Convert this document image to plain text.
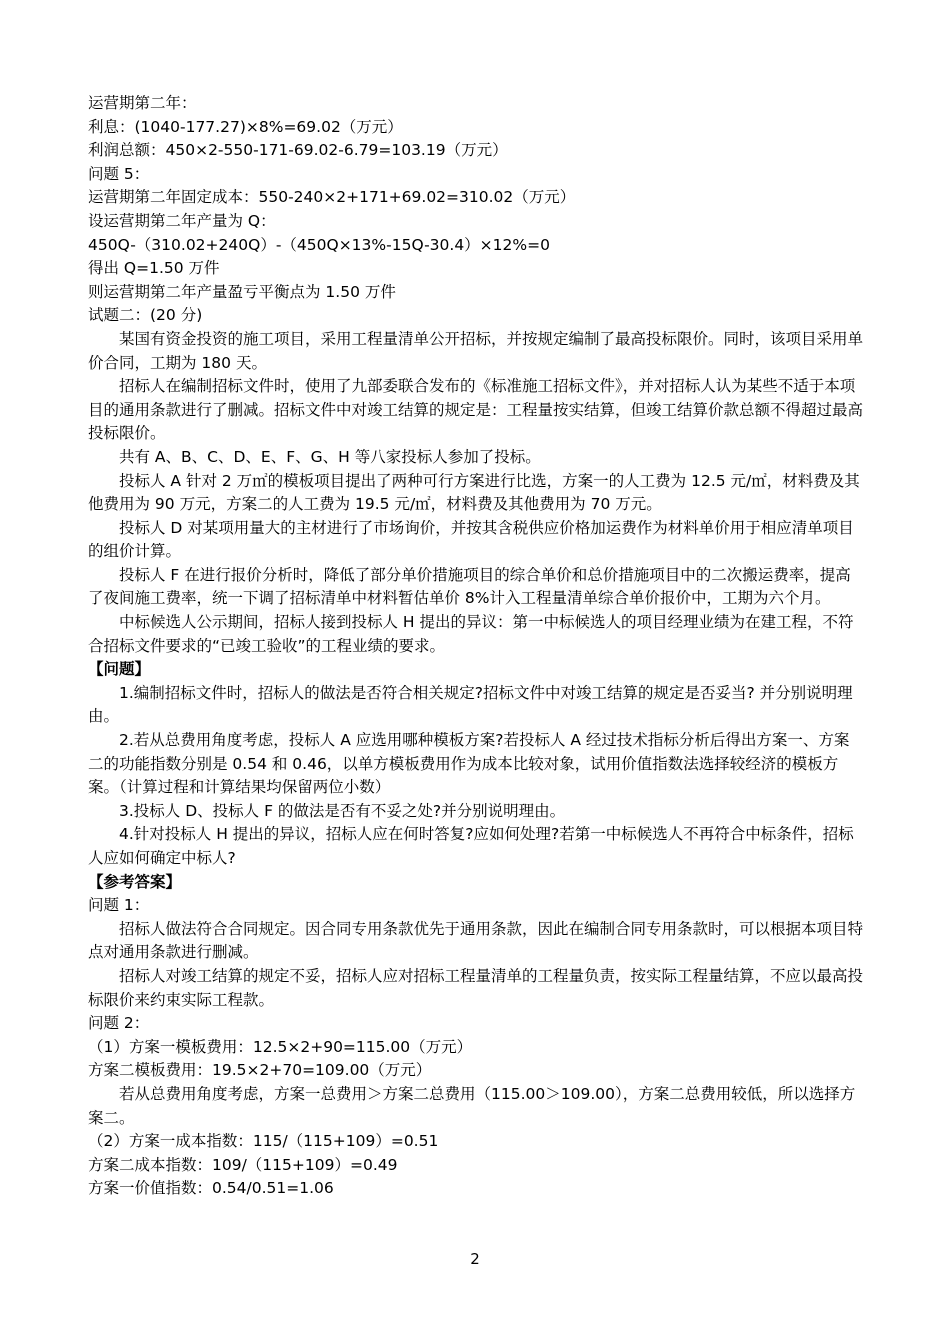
运营期第二年：

利息：(1040-177.27)×8%=69.02（万元）

利润总额：450×2-550-171-69.02-6.79=103.19（万元）

问题 5：

运营期第二年固定成本：550-240×2+171+69.02=310.02（万元）

设运营期第二年产量为 Q：

450Q-（310.02+240Q）-（450Q×13%-15Q-30.4）×12%=0

得出 Q=1.50 万件

则运营期第二年产量盈亏平衡点为 1.50 万件

试题二：(20 分)

某国有资金投资的施工项目，采用工程量清单公开招标，并按规定编制了最高投标限价。同时，该项目采用单价合同，工期为 180 天。

招标人在编制招标文件时，使用了九部委联合发布的《标准施工招标文件》，并对招标人认为某些不适于本项目的通用条款进行了删减。招标文件中对竣工结算的规定是：工程量按实结算，但竣工结算价款总额不得超过最高投标限价。

共有 A、B、C、D、E、F、G、H 等八家投标人参加了投标。

投标人 A 针对 2 万㎡的模板项目提出了两种可行方案进行比选，方案一的人工费为 12.5 元/㎡，材料费及其他费用为 90 万元，方案二的人工费为 19.5 元/㎡，材料费及其他费用为 70 万元。

投标人 D 对某项用量大的主材进行了市场询价，并按其含税供应价格加运费作为材料单价用于相应清单项目的组价计算。

投标人 F 在进行报价分析时，降低了部分单价措施项目的综合单价和总价措施项目中的二次搬运费率，提高了夜间施工费率，统一下调了招标清单中材料暂估单价 8%计入工程量清单综合单价报价中，工期为六个月。

中标候选人公示期间，招标人接到投标人 H 提出的异议：第一中标候选人的项目经理业绩为在建工程，不符合招标文件要求的“已竣工验收”的工程业绩的要求。

【问题】

1.编制招标文件时，招标人的做法是否符合相关规定?招标文件中对竣工结算的规定是否妥当? 并分别说明理由。

2.若从总费用角度考虑，投标人 A 应选用哪种模板方案?若投标人 A 经过技术指标分析后得出方案一、方案二的功能指数分别是 0.54 和 0.46，以单方模板费用作为成本比较对象，试用价值指数法选择较经济的模板方案。（计算过程和计算结果均保留两位小数）

3.投标人 D、投标人 F 的做法是否有不妥之处?并分别说明理由。

4.针对投标人 H 提出的异议，招标人应在何时答复?应如何处理?若第一中标候选人不再符合中标条件，招标人应如何确定中标人?

【参考答案】

问题 1：

招标人做法符合合同规定。因合同专用条款优先于通用条款，因此在编制合同专用条款时，可以根据本项目特点对通用条款进行删减。

招标人对竣工结算的规定不妥，招标人应对招标工程量清单的工程量负责，按实际工程量结算，不应以最高投标限价来约束实际工程款。

问题 2：

（1）方案一模板费用：12.5×2+90=115.00（万元）

方案二模板费用：19.5×2+70=109.00（万元）

若从总费用角度考虑，方案一总费用＞方案二总费用（115.00＞109.00），方案二总费用较低，所以选择方案二。

（2）方案一成本指数：115/（115+109）=0.51

方案二成本指数：109/（115+109）=0.49

方案一价值指数：0.54/0.51=1.06

2
